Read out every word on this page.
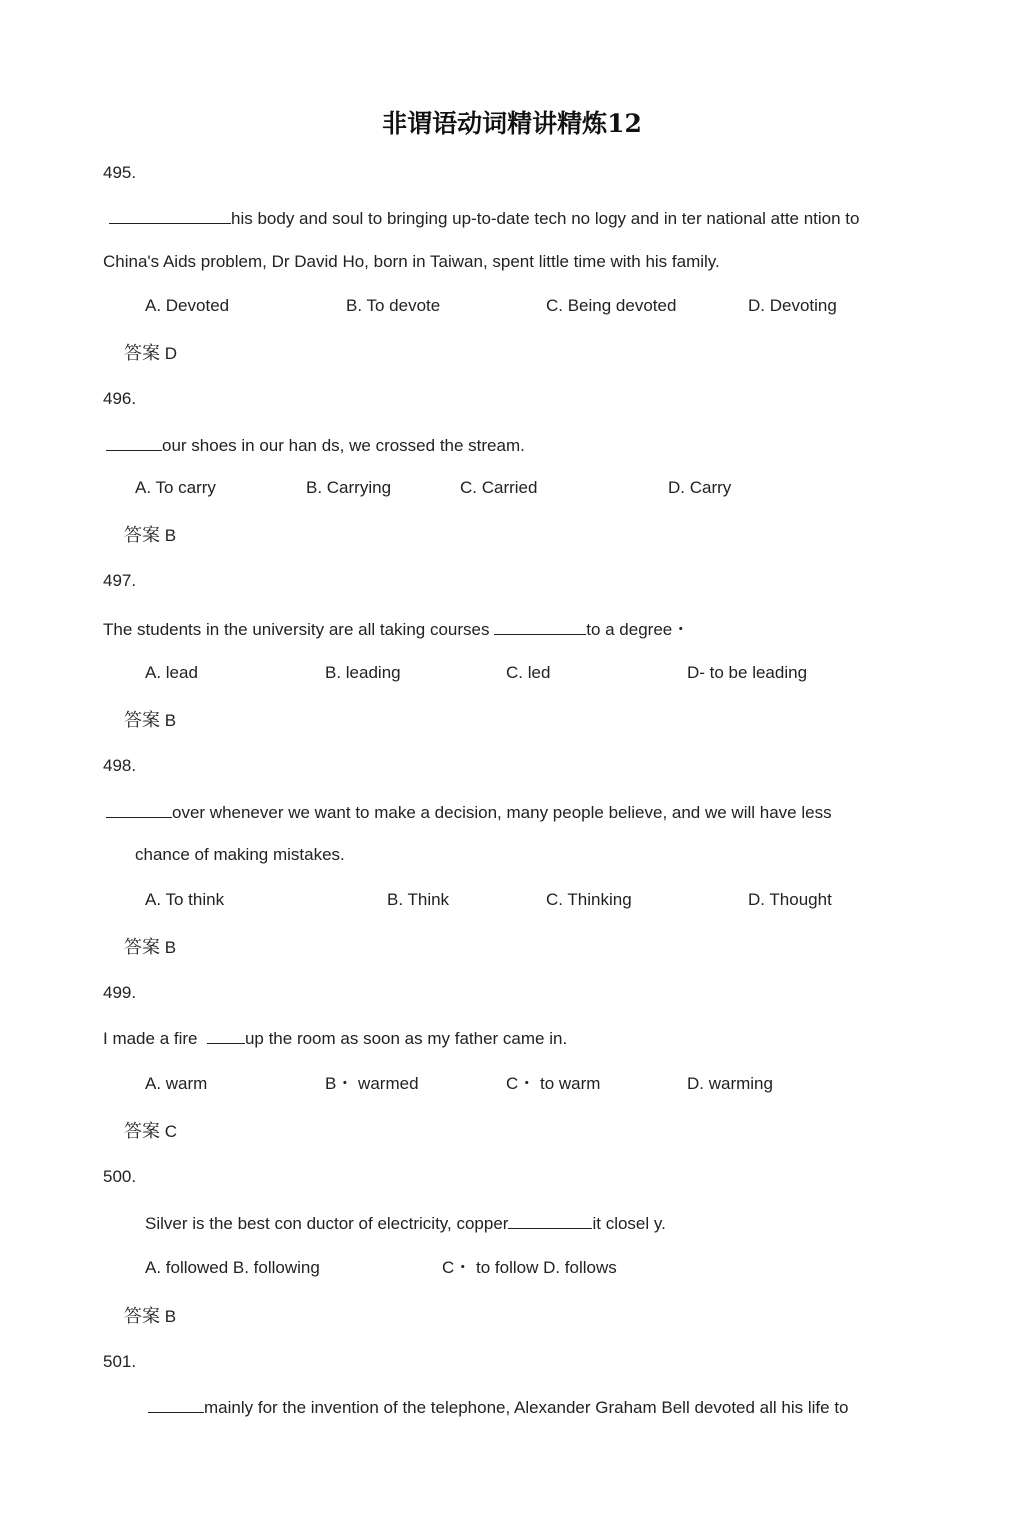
非谓语动词精讲精炼12
495.
his body and soul to bringing up-to-date tech no logy and in ter national atte ntion to
China's Aids problem, Dr David Ho, born in Taiwan, spent little time with his family.
A. Devoted	B. To devote	C. Being devoted	D. Devoting
答案 D
496.
our shoes in our han ds, we crossed the stream.
A. To carry	B. Carrying	C. Carried	D. Carry
答案 B
497.
The students in the university are all taking courses	to a degree・
A. lead	B. leading	C. led	D- to be leading
答案 B
498.
over whenever we want to make a decision, many people believe, and we will have less
chance of making mistakes.
A. To think	B. Think	C. Thinking	D. Thought
答案 B
499.
I made a fire	up the room as soon as my father came in.
A. warm	B・ warmed	C・ to warm	D. warming
答案 C
500.
Silver is the best con ductor of electricity, copper	it closel y.
A. followed B. following	C・ to follow D. follows
答案 B
501.
mainly for the invention of the telephone, Alexander Graham Bell devoted all his life to
